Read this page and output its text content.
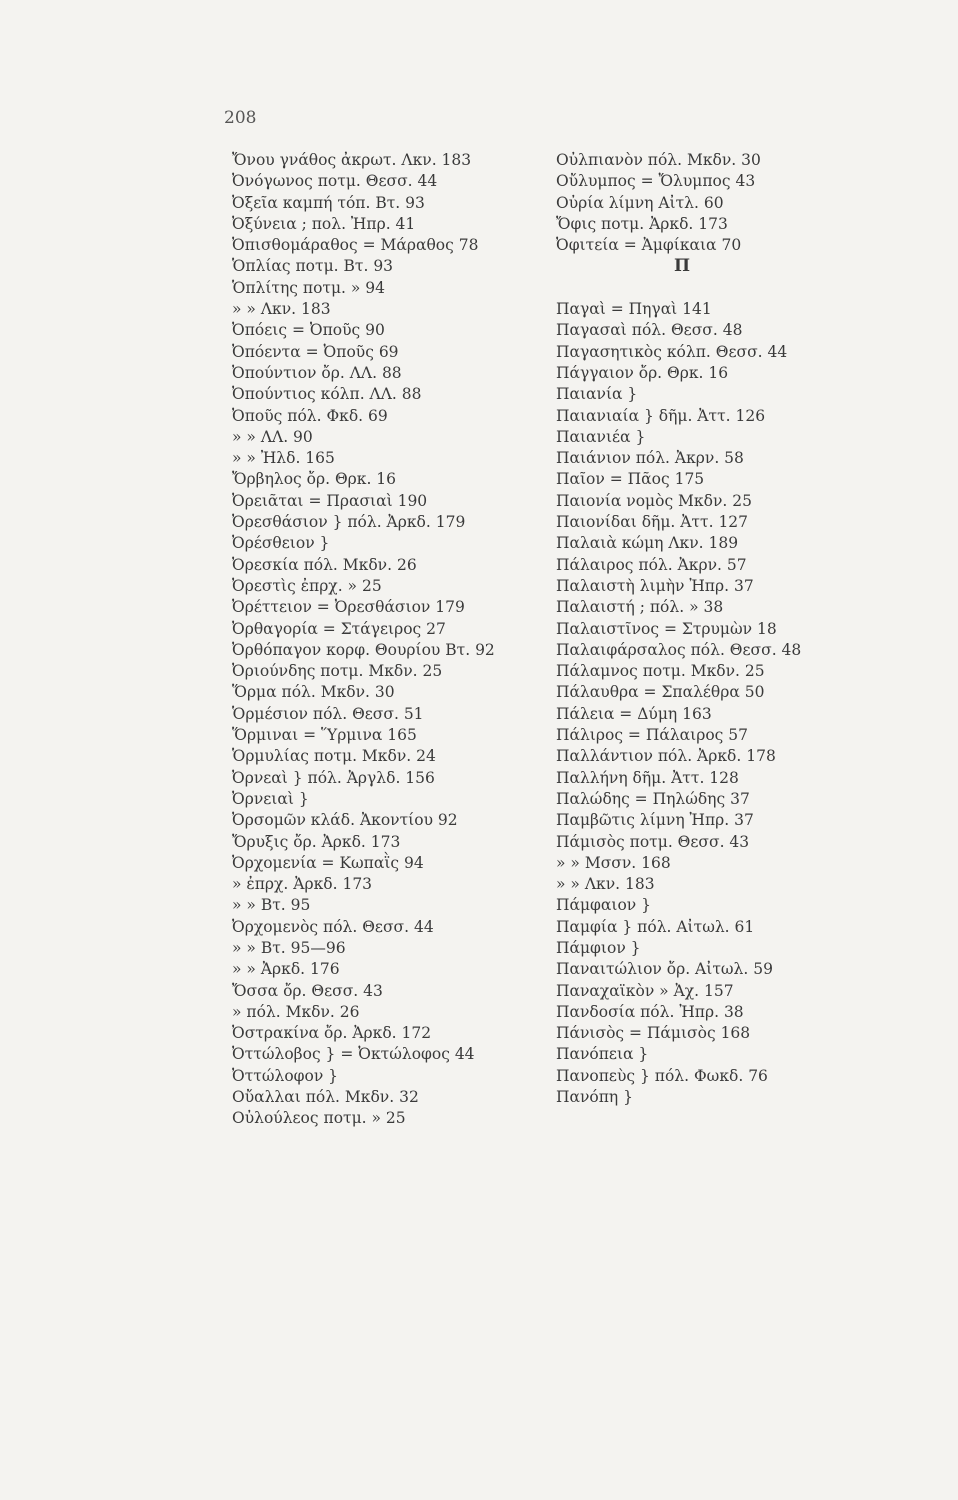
208
Ὄνου γνάθος ἀκρωτ. Λκν. 183
Ὀνόγωνος ποτμ. Θεσσ. 44
Ὀξεῖα καμπή τόπ. Βτ. 93
Ὀξύνεια ; πολ. Ἠπρ. 41
Ὀπισθομάραθος = Μάραθος 78
Ὁπλίας ποτμ. Βτ. 93
Ὁπλίτης ποτμ. » 94
» » Λκν. 183
Ὀπόεις = Ὀποῦς 90
Ὀπόεντα = Ὀποῦς 69
Ὀπούντιον ὄρ. ΛΛ. 88
Ὀπούντιος κόλπ. ΛΛ. 88
Ὀποῦς πόλ. Φκδ. 69
» » ΛΛ. 90
» » Ἠλδ. 165
Ὄρβηλος ὄρ. Θρκ. 16
Ὀρειᾶται = Πρασιαὶ 190
Ὀρεσθάσιον } πόλ. Ἀρκδ. 179
Ὀρέσθειον }
Ὀρεσκία πόλ. Μκδν. 26
Ὀρεστὶς ἐπρχ. » 25
Ὀρέττειον = Ὀρεσθάσιον 179
Ὀρθαγορία = Στάγειρος 27
Ὀρθόπαγον κορφ. Θουρίου Βτ. 92
Ὀριούνδης ποτμ. Μκδν. 25
Ὅρμα πόλ. Μκδν. 30
Ὁρμέσιον πόλ. Θεσσ. 51
Ὅρμιναι = Ὕρμινα 165
Ὁρμυλίας ποτμ. Μκδν. 24
Ὀρνεαὶ } πόλ. Ἀργλδ. 156
Ὀρνειαὶ }
Ὀρσομῶν κλάδ. Ἀκοντίου 92
Ὄρυξις ὄρ. Ἀρκδ. 173
Ὀρχομενία = Κωπαῒς 94
» ἐπρχ. Ἀρκδ. 173
» » Βτ. 95
Ὀρχομενὸς πόλ. Θεσσ. 44
» » Βτ. 95—96
» » Ἀρκδ. 176
Ὄσσα ὄρ. Θεσσ. 43
» πόλ. Μκδν. 26
Ὀστρακίνα ὄρ. Ἀρκδ. 172
Ὀττώλοβος } = Ὀκτώλοφος 44
Ὀττώλοφον }
Οὔαλλαι πόλ. Μκδν. 32
Οὐλούλεος ποτμ. » 25
Οὐλπιανὸν πόλ. Μκδν. 30
Οὔλυμπος = Ὄλυμπος 43
Οὐρία λίμνη Αἰτλ. 60
Ὄφις ποτμ. Ἀρκδ. 173
Ὀφιτεία = Ἀμφίκαια 70
Π
Παγαὶ = Πηγαὶ 141
Παγασαὶ πόλ. Θεσσ. 48
Παγασητικὸς κόλπ. Θεσσ. 44
Πάγγαιον ὄρ. Θρκ. 16
Παιανία }
Παιανιαία } δῆμ. Ἀττ. 126
Παιανιέα }
Παιάνιον πόλ. Ἀκρν. 58
Παῖον = Πᾶος 175
Παιονία νομὸς Μκδν. 25
Παιονίδαι δῆμ. Ἀττ. 127
Παλαιὰ κώμη Λκν. 189
Πάλαιρος πόλ. Ἀκρν. 57
Παλαιστὴ λιμὴν Ἠπρ. 37
Παλαιστή ; πόλ. » 38
Παλαιστῖνος = Στρυμὼν 18
Παλαιφάρσαλος πόλ. Θεσσ. 48
Πάλαμνος ποτμ. Μκδν. 25
Πάλαυθρα = Σπαλέθρα 50
Πάλεια = Δύμη 163
Πάλιρος = Πάλαιρος 57
Παλλάντιον πόλ. Ἀρκδ. 178
Παλλήνη δῆμ. Ἀττ. 128
Παλώδης = Πηλώδης 37
Παμβῶτις λίμνη Ἠπρ. 37
Πάμισὸς ποτμ. Θεσσ. 43
» » Μσσν. 168
» » Λκν. 183
Πάμφαιον }
Παμφία } πόλ. Αἰτωλ. 61
Πάμφιον }
Παναιτώλιον ὄρ. Αἰτωλ. 59
Παναχαϊκὸν » Ἀχ. 157
Πανδοσία πόλ. Ἠπρ. 38
Πάνισὸς = Πάμισὸς 168
Πανόπεια }
Πανοπεὺς } πόλ. Φωκδ. 76
Πανόπη }
